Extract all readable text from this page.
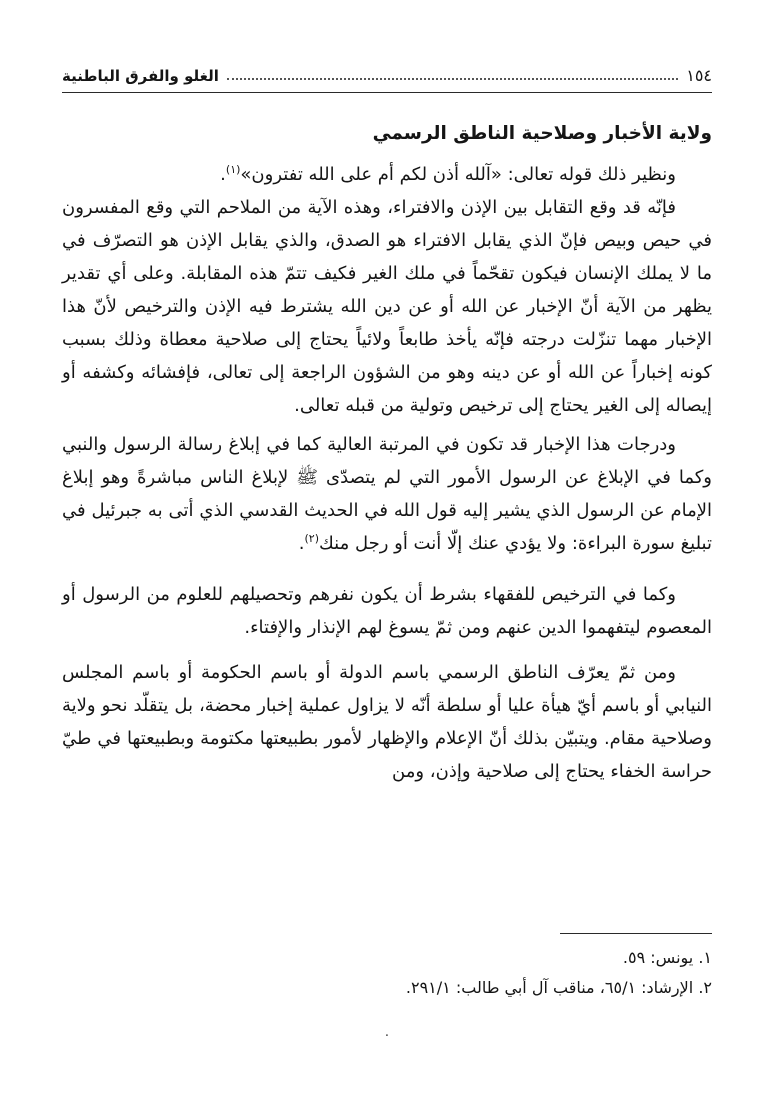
الغلو والفرق الباطنية	١٥٤
ولاية الأخبار وصلاحية الناطق الرسمي

ونظير ذلك قوله تعالى: «آلله أذن لكم أم على الله تفترون»$^{(١)}$.

فإنّه قد وقع التقابل بين الإذن والافتراء، وهذه الآية من الملاحم التي وقع المفسرون في حيص وبيص فإنّ الذي يقابل الافتراء هو الصدق، والذي يقابل الإذن هو التصرّف في ما لا يملك الإنسان فيكون تقحّماً في ملك الغير فكيف تتمّ هذه المقابلة. وعلى أي تقدير يظهر من الآية أنّ الإخبار عن الله أو عن دين الله يشترط فيه الإذن والترخيص لأنّ هذا الإخبار مهما تنزّلت درجته فإنّه يأخذ طابعاً ولائياً يحتاج إلى صلاحية معطاة وذلك بسبب كونه إخباراً عن الله أو عن دينه وهو من الشؤون الراجعة إلى تعالى، فإفشائه وكشفه أو إيصاله إلى الغير يحتاج إلى ترخيص وتولية من قبله تعالى.

ودرجات هذا الإخبار قد تكون في المرتبة العالية كما في إبلاغ رسالة الرسول والنبي وكما في الإبلاغ عن الرسول الأمور التي لم يتصدّى ﷺ لإبلاغ الناس مباشرةً وهو إبلاغ الإمام عن الرسول الذي يشير إليه قول الله في الحديث القدسي الذي أتى به جبرئيل في تبليغ سورة البراءة: ولا يؤدي عنك إلّا أنت أو رجل منك$^{(٢)}$.

وكما في الترخيص للفقهاء بشرط أن يكون نفرهم وتحصيلهم للعلوم من الرسول أو المعصوم ليتفهموا الدين عنهم ومن ثمّ يسوغ لهم الإنذار والإفتاء.

ومن ثمّ يعرّف الناطق الرسمي باسم الدولة أو باسم الحكومة أو باسم المجلس النيابي أو باسم أيّ هيأة عليا أو سلطة أنّه لا يزاول عملية إخبار محضة، بل يتقلّد نحو ولاية وصلاحية مقام. ويتبيّن بذلك أنّ الإعلام والإظهار لأمور بطبيعتها مكتومة وبطبيعتها في طيّ حراسة الخفاء يحتاج إلى صلاحية وإذن، ومن

١. يونس: ٥٩.

٢. الإرشاد: ٦٥/١، مناقب آل أبي طالب: ٢٩١/١.

·
